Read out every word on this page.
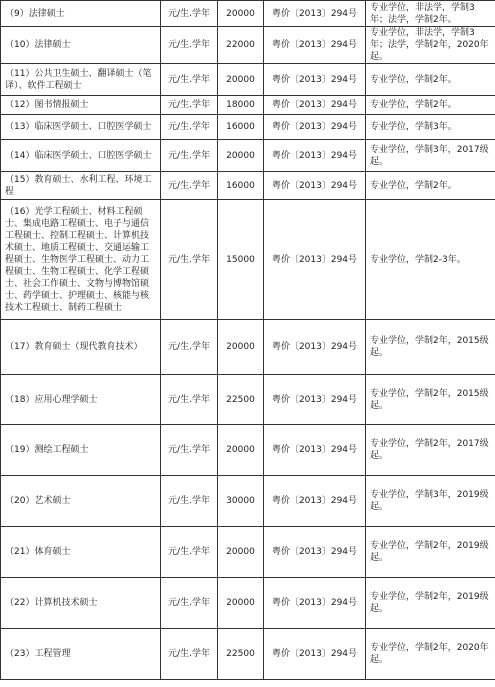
（9）法律硕士	元/生.学年	20000	粤价〔2013〕294号	专业学位，非法学，学制3年；法学，学制2年。
（10）法律硕士	元/生.学年	22000	粤价〔2013〕294号	专业学位，非法学，学制3年；法学，学制2年，2020年起。
（11）公共卫生硕士、翻译硕士（笔译）、软件工程硕士	元/生.学年	20000	粤价〔2013〕294号	专业学位，学制2年。
（12）图书情报硕士	元/生.学年	18000	粤价〔2013〕294号	专业学位，学制2年。
（13）临床医学硕士、口腔医学硕士	元/生.学年	16000	粤价〔2013〕294号	专业学位，学制3年。
（14）临床医学硕士、口腔医学硕士	元/生.学年	20000	粤价〔2013〕294号	专业学位，学制3年，2017级起。
（15）教育硕士、水利工程、环境工程	元/生.学年	16000	粤价〔2013〕294号	专业学位，学制2年。
（16）光学工程硕士、材料工程硕士、集成电路工程硕士、电子与通信工程硕士、控制工程硕士、计算机技术硕士、地质工程硕士、交通运输工程硕士、生物医学工程硕士、动力工程硕士、生物工程硕士、化学工程硕士、社会工作硕士、文物与博物馆硕士、药学硕士、护理硕士、核能与核技术工程硕士、制药工程硕士	元/生.学年	15000	粤价〔2013〕294号	专业学位，学制2-3年。
（17）教育硕士（现代教育技术）	元/生.学年	20000	粤价〔2013〕294号	专业学位，学制2年，2015级起。
（18）应用心理学硕士	元/生.学年	22500	粤价〔2013〕294号	专业学位，学制2年，2015级起。
（19）测绘工程硕士	元/生.学年	20000	粤价〔2013〕294号	专业学位，学制2年，2017级起。
（20）艺术硕士	元/生.学年	30000	粤价〔2013〕294号	专业学位，学制3年，2019级起。
（21）体育硕士	元/生.学年	20000	粤价〔2013〕294号	专业学位，学制2年，2019级起。
（22）计算机技术硕士	元/生.学年	20000	粤价〔2013〕294号	专业学位，学制2年，2019级起。
（23）工程管理	元/生.学年	22500	粤价〔2013〕294号	专业学位，学制2年，2020年起。
